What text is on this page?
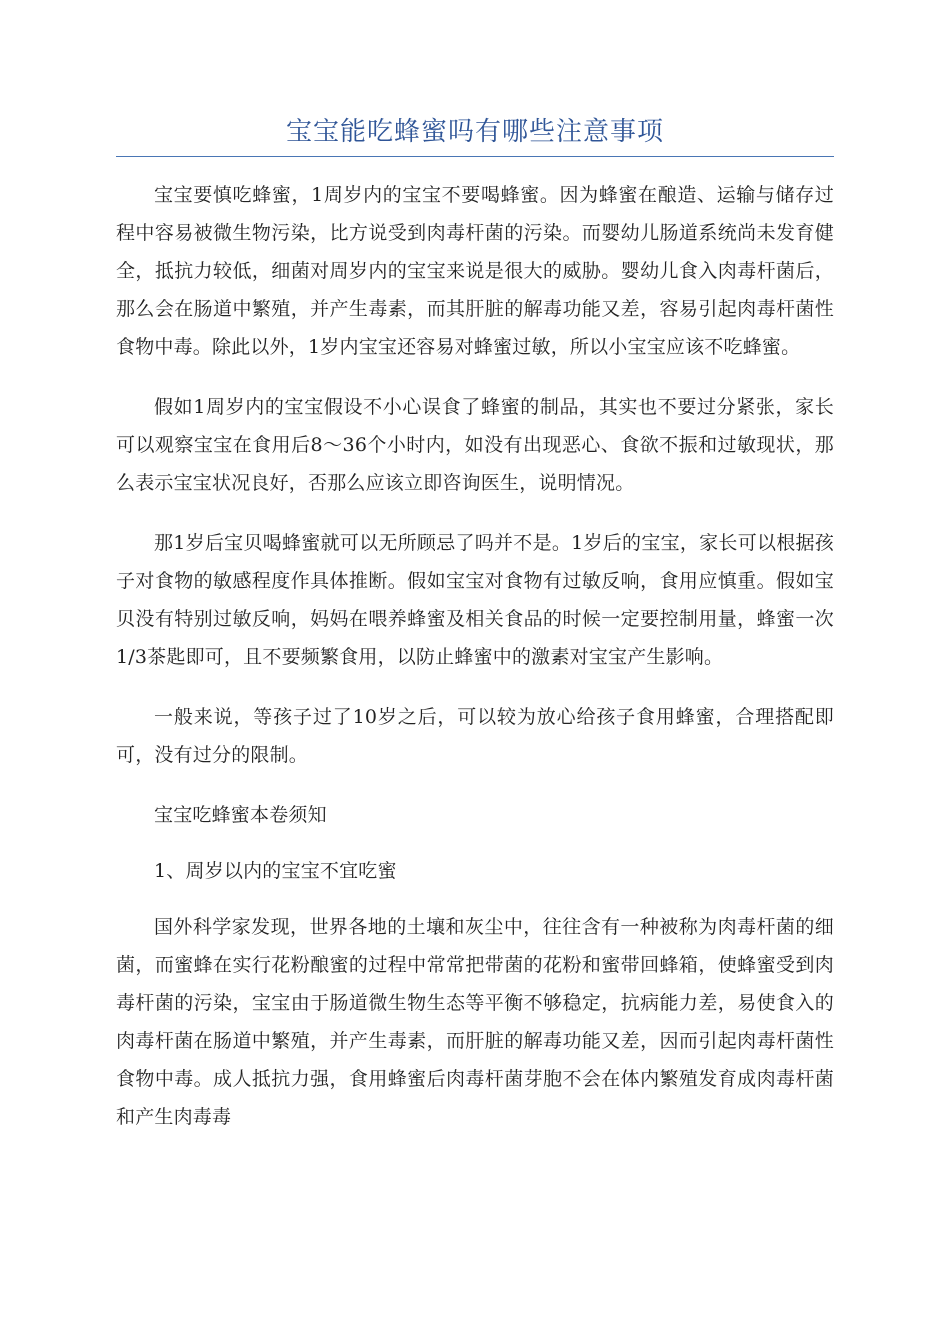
宝宝能吃蜂蜜吗有哪些注意事项

宝宝要慎吃蜂蜜，1周岁内的宝宝不要喝蜂蜜。因为蜂蜜在酿造、运输与储存过程中容易被微生物污染，比方说受到肉毒杆菌的污染。而婴幼儿肠道系统尚未发育健全，抵抗力较低，细菌对周岁内的宝宝来说是很大的威胁。婴幼儿食入肉毒杆菌后，那么会在肠道中繁殖，并产生毒素，而其肝脏的解毒功能又差，容易引起肉毒杆菌性食物中毒。除此以外，1岁内宝宝还容易对蜂蜜过敏，所以小宝宝应该不吃蜂蜜。

假如1周岁内的宝宝假设不小心误食了蜂蜜的制品，其实也不要过分紧张，家长可以观察宝宝在食用后8～36个小时内，如没有出现恶心、食欲不振和过敏现状，那么表示宝宝状况良好，否那么应该立即咨询医生，说明情况。

那1岁后宝贝喝蜂蜜就可以无所顾忌了吗并不是。1岁后的宝宝，家长可以根据孩子对食物的敏感程度作具体推断。假如宝宝对食物有过敏反响，食用应慎重。假如宝贝没有特别过敏反响，妈妈在喂养蜂蜜及相关食品的时候一定要控制用量，蜂蜜一次1/3茶匙即可，且不要频繁食用，以防止蜂蜜中的激素对宝宝产生影响。

一般来说，等孩子过了10岁之后，可以较为放心给孩子食用蜂蜜，合理搭配即可，没有过分的限制。

宝宝吃蜂蜜本卷须知

1、周岁以内的宝宝不宜吃蜜

国外科学家发现，世界各地的土壤和灰尘中，往往含有一种被称为肉毒杆菌的细菌，而蜜蜂在实行花粉酿蜜的过程中常常把带菌的花粉和蜜带回蜂箱，使蜂蜜受到肉毒杆菌的污染，宝宝由于肠道微生物生态等平衡不够稳定，抗病能力差，易使食入的肉毒杆菌在肠道中繁殖，并产生毒素，而肝脏的解毒功能又差，因而引起肉毒杆菌性食物中毒。成人抵抗力强，食用蜂蜜后肉毒杆菌芽胞不会在体内繁殖发育成肉毒杆菌和产生肉毒毒
